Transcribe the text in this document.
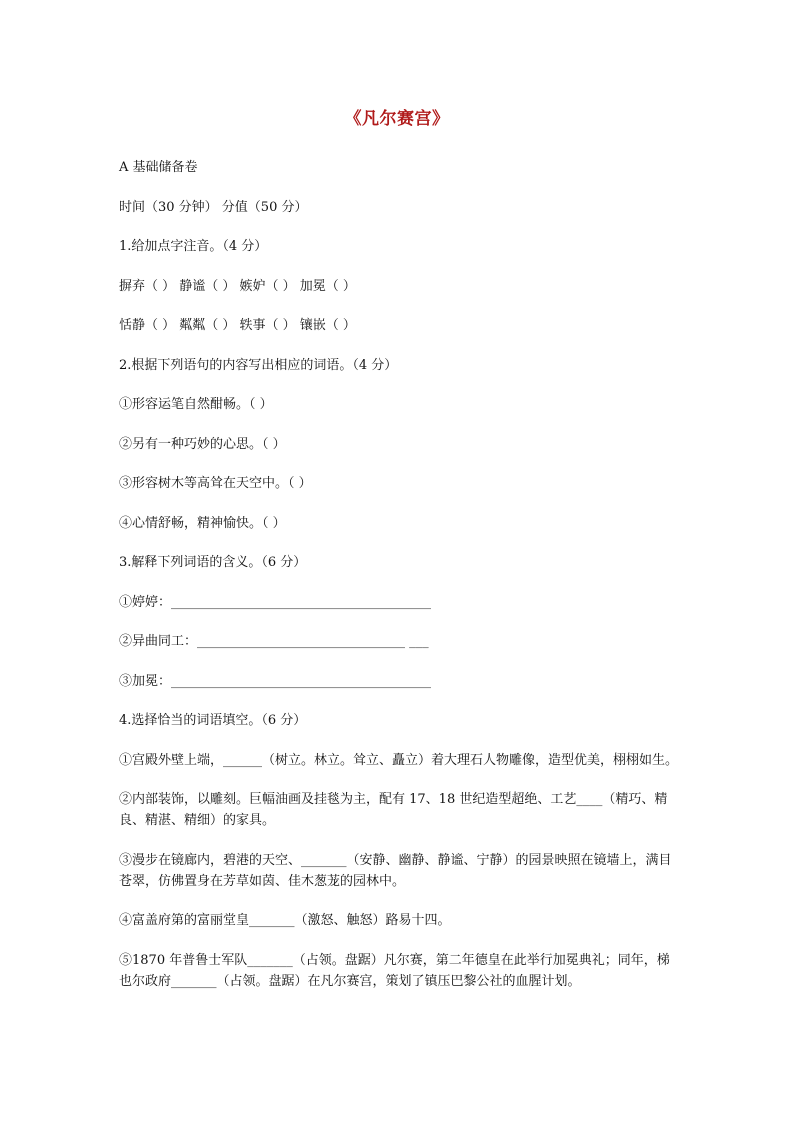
《凡尔赛宫》

A 基础储备卷

时间（30 分钟） 分值（50 分）

1.给加点字注音。（4 分）

摒弃（ ） 静谧（ ） 嫉妒（ ） 加冕（ ）

恬静（ ） 粼粼（ ） 轶事（ ） 镶嵌（ ）

2.根据下列语句的内容写出相应的词语。（4 分）

①形容运笔自然酣畅。（ ）

②另有一种巧妙的心思。（ ）

③形容树木等高耸在天空中。（ ）

④心情舒畅，精神愉快。（ ）

3.解释下列词语的含义。（6 分）

①婷婷：________________________________________

②异曲同工：________________________________ ___

③加冕：________________________________________

4.选择恰当的词语填空。（6 分）

①宫殿外壁上端，______（树立。林立。耸立、矗立）着大理石人物雕像，造型优美，栩栩如生。

②内部装饰，以雕刻。巨幅油画及挂毯为主，配有 17、18 世纪造型超绝、工艺____（精巧、精良、精湛、精细）的家具。

③漫步在镜廊内，碧港的天空、_______（安静、幽静、静谧、宁静）的园景映照在镜墙上，满目苍翠，仿佛置身在芳草如茵、佳木葱茏的园林中。

④富盖府第的富丽堂皇_______（激怒、触怒）路易十四。

⑤1870 年普鲁士军队_______（占领。盘踞）凡尔赛，第二年德皇在此举行加冕典礼；同年，梯也尔政府_______（占领。盘踞）在凡尔赛宫，策划了镇压巴黎公社的血腥计划。
